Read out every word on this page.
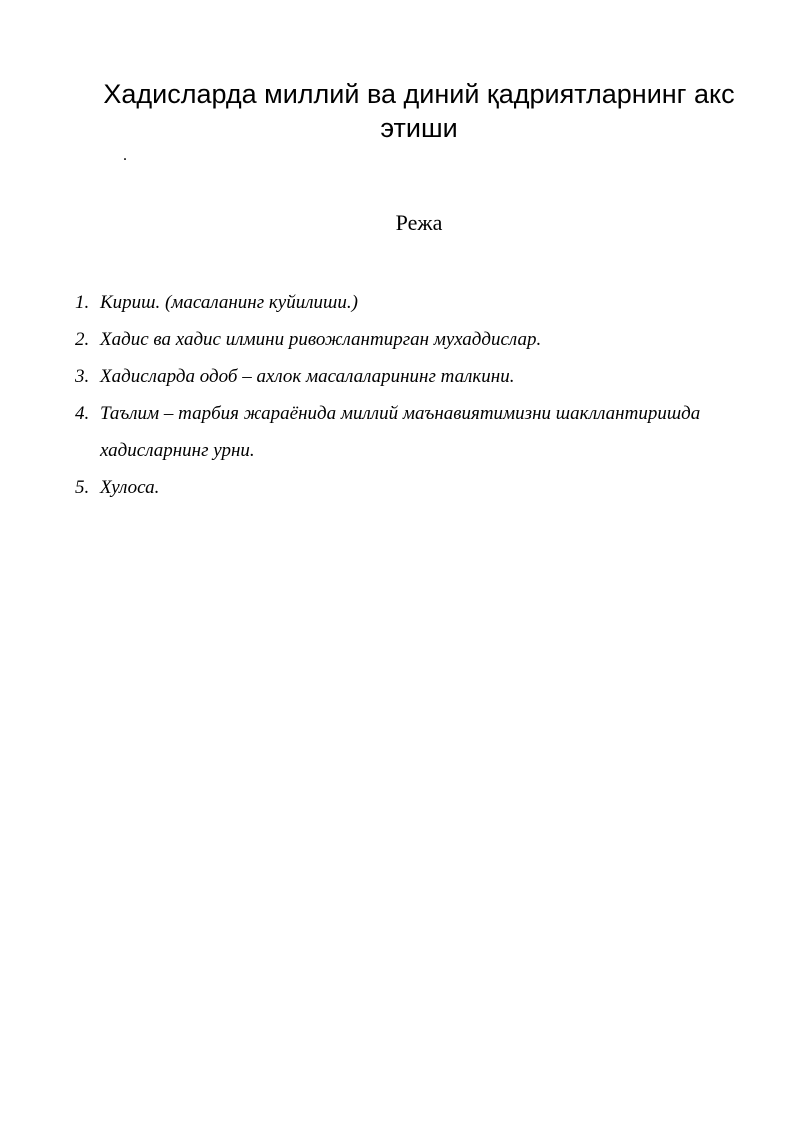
Хадисларда миллий ва диний қадриятларнинг акс этиши
.
Режа
1. Кириш. (масаланинг куйилиши.)
2. Хадис ва хадис илмини ривожлантирган мухаддислар.
3. Хадисларда одоб – ахлок масалаларининг талкини.
4. Таълим – тарбия жараёнида миллий маънавиятимизни шакллантиришда хадисларнинг урни.
5. Хулоса.
